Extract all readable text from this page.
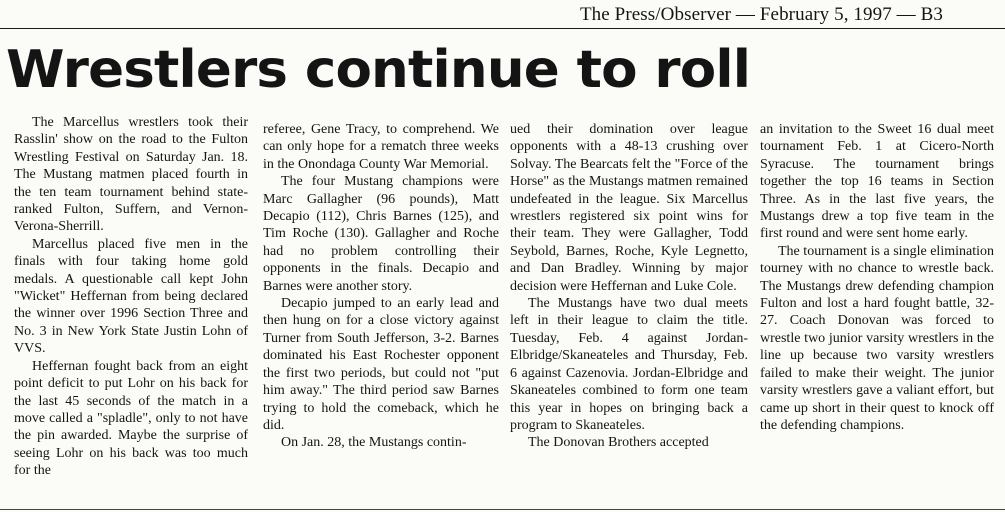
The Press/Observer — February 5, 1997 — B3
Wrestlers continue to roll

The Marcellus wrestlers took their Rasslin' show on the road to the Fulton Wrestling Festival on Saturday Jan. 18. The Mustang matmen placed fourth in the ten team tournament behind state-ranked Fulton, Suffern, and Vernon-Verona-Sherrill.

Marcellus placed five men in the finals with four taking home gold medals. A questionable call kept John "Wicket" Heffernan from being declared the winner over 1996 Section Three and No. 3 in New York State Justin Lohn of VVS.

Heffernan fought back from an eight point deficit to put Lohr on his back for the last 45 seconds of the match in a move called a "spladle", only to not have the pin awarded. Maybe the surprise of seeing Lohr on his back was too much for the

referee, Gene Tracy, to comprehend. We can only hope for a rematch three weeks in the Onondaga County War Memorial.

The four Mustang champions were Marc Gallagher (96 pounds), Matt Decapio (112), Chris Barnes (125), and Tim Roche (130). Gallagher and Roche had no problem controlling their opponents in the finals. Decapio and Barnes were another story.

Decapio jumped to an early lead and then hung on for a close victory against Turner from South Jefferson, 3-2. Barnes dominated his East Rochester opponent the first two periods, but could not "put him away." The third period saw Barnes trying to hold the comeback, which he did.

On Jan. 28, the Mustangs contin-

ued their domination over league opponents with a 48-13 crushing over Solvay. The Bearcats felt the "Force of the Horse" as the Mustangs matmen remained undefeated in the league. Six Marcellus wrestlers registered six point wins for their team. They were Gallagher, Todd Seybold, Barnes, Roche, Kyle Legnetto, and Dan Bradley. Winning by major decision were Heffernan and Luke Cole.

The Mustangs have two dual meets left in their league to claim the title. Tuesday, Feb. 4 against Jordan-Elbridge/Skaneateles and Thursday, Feb. 6 against Cazenovia. Jordan-Elbridge and Skaneateles combined to form one team this year in hopes on bringing back a program to Skaneateles.

The Donovan Brothers accepted

an invitation to the Sweet 16 dual meet tournament Feb. 1 at Cicero-North Syracuse. The tournament brings together the top 16 teams in Section Three. As in the last five years, the Mustangs drew a top five team in the first round and were sent home early.

The tournament is a single elimination tourney with no chance to wrestle back. The Mustangs drew defending champion Fulton and lost a hard fought battle, 32-27. Coach Donovan was forced to wrestle two junior varsity wrestlers in the line up because two varsity wrestlers failed to make their weight. The junior varsity wrestlers gave a valiant effort, but came up short in their quest to knock off the defending champions.
